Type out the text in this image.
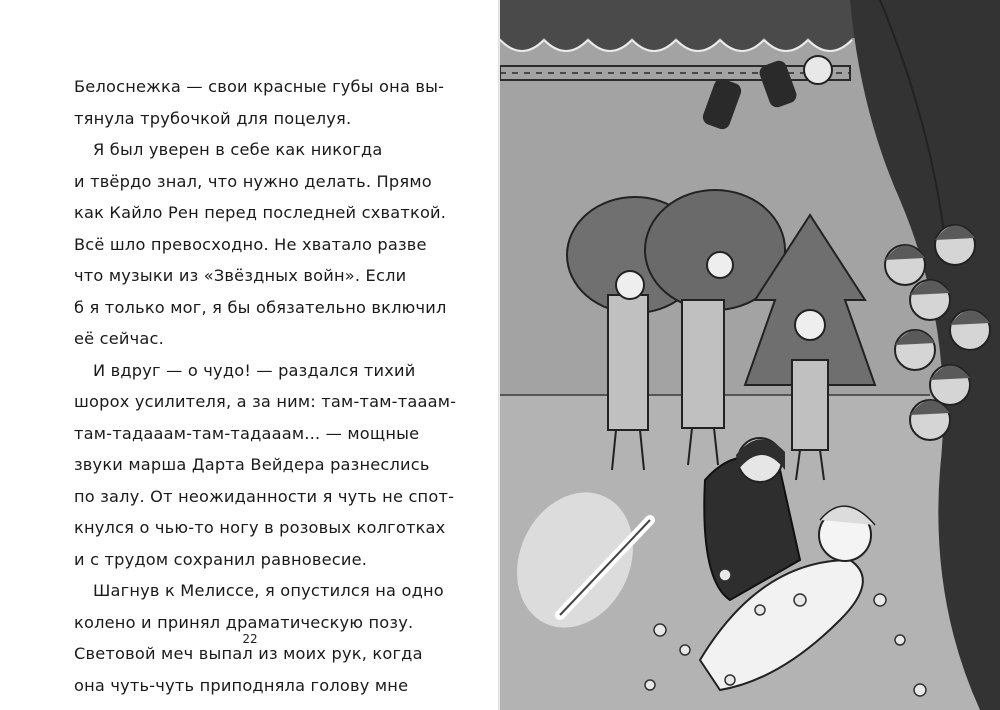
Белоснежка — свои красные губы она вы-
тянула трубочкой для поцелуя.
Я был уверен в себе как никогда
и твёрдо знал, что нужно делать. Прямо
как Кайло Рен перед последней схваткой.
Всё шло превосходно. Не хватало разве
что музыки из «Звёздных войн». Если
б я только мог, я бы обязательно включил
её сейчас.
И вдруг — о чудо! — раздался тихий
шорох усилителя, а за ним: там-там-тааам-
там-тадааам-там-тадааам... — мощные
звуки марша Дарта Вейдера разнеслись
по залу. От неожиданности я чуть не спот-
кнулся о чью-то ногу в розовых колготках
и с трудом сохранил равновесие.
Шагнув к Мелиссе, я опустился на одно
колено и принял драматическую позу.
Световой меч выпал из моих рук, когда
она чуть-чуть приподняла голову мне
22
